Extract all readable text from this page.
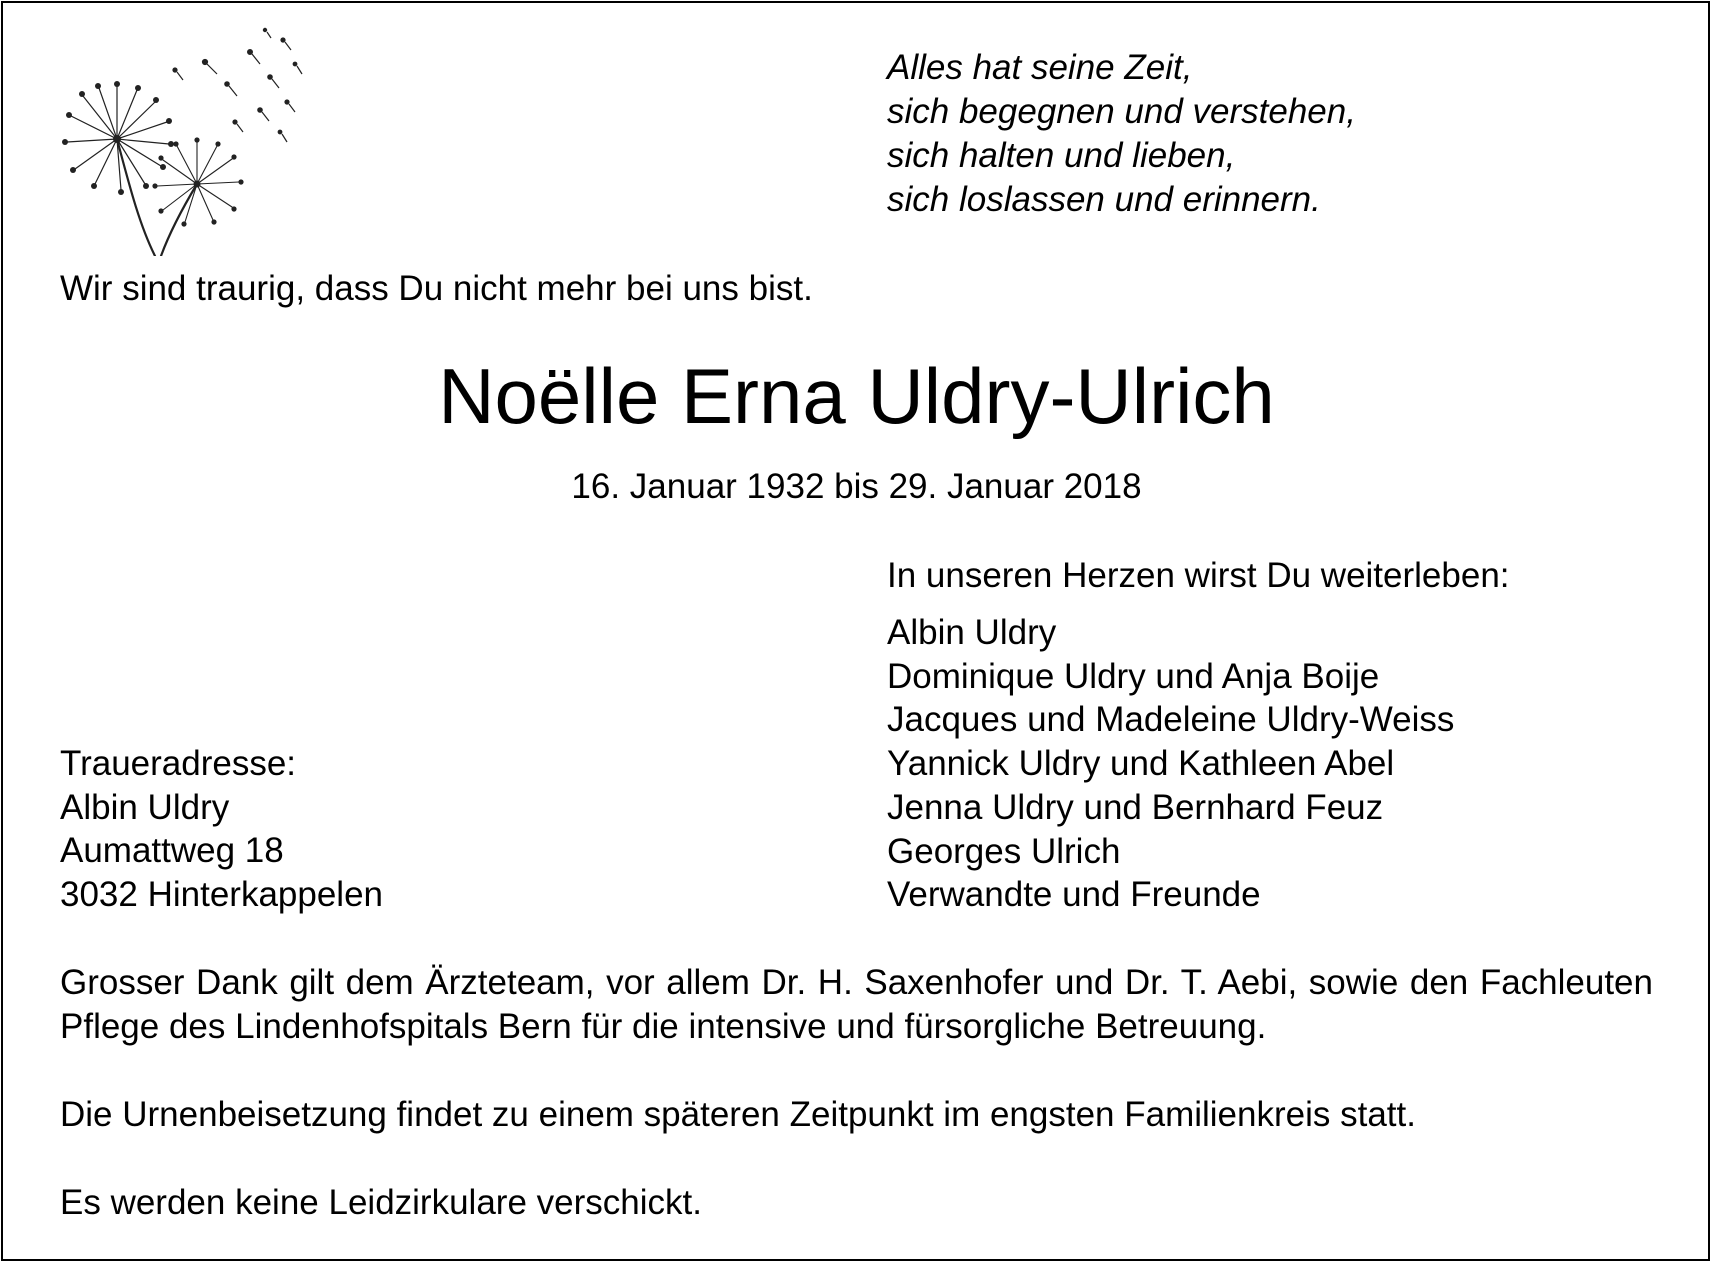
Alles hat seine Zeit,
sich begegnen und verstehen,
sich halten und lieben,
sich loslassen und erinnern.
Wir sind traurig, dass Du nicht mehr bei uns bist.
Noëlle Erna Uldry-Ulrich
16. Januar 1932 bis 29. Januar 2018
In unseren Herzen wirst Du weiterleben:
Albin Uldry
Dominique Uldry und Anja Boije
Jacques und Madeleine Uldry-Weiss
Yannick Uldry und Kathleen Abel
Jenna Uldry und Bernhard Feuz
Georges Ulrich
Verwandte und Freunde
Traueradresse:
Albin Uldry
Aumattweg 18
3032 Hinterkappelen
Grosser Dank gilt dem Ärzteteam, vor allem Dr. H. Saxenhofer und Dr. T. Aebi, sowie den Fachleuten Pflege des Lindenhofspitals Bern für die intensive und fürsorgliche Betreuung.
Die Urnenbeisetzung findet zu einem späteren Zeitpunkt im engsten Familienkreis statt.
Es werden keine Leidzirkulare verschickt.
